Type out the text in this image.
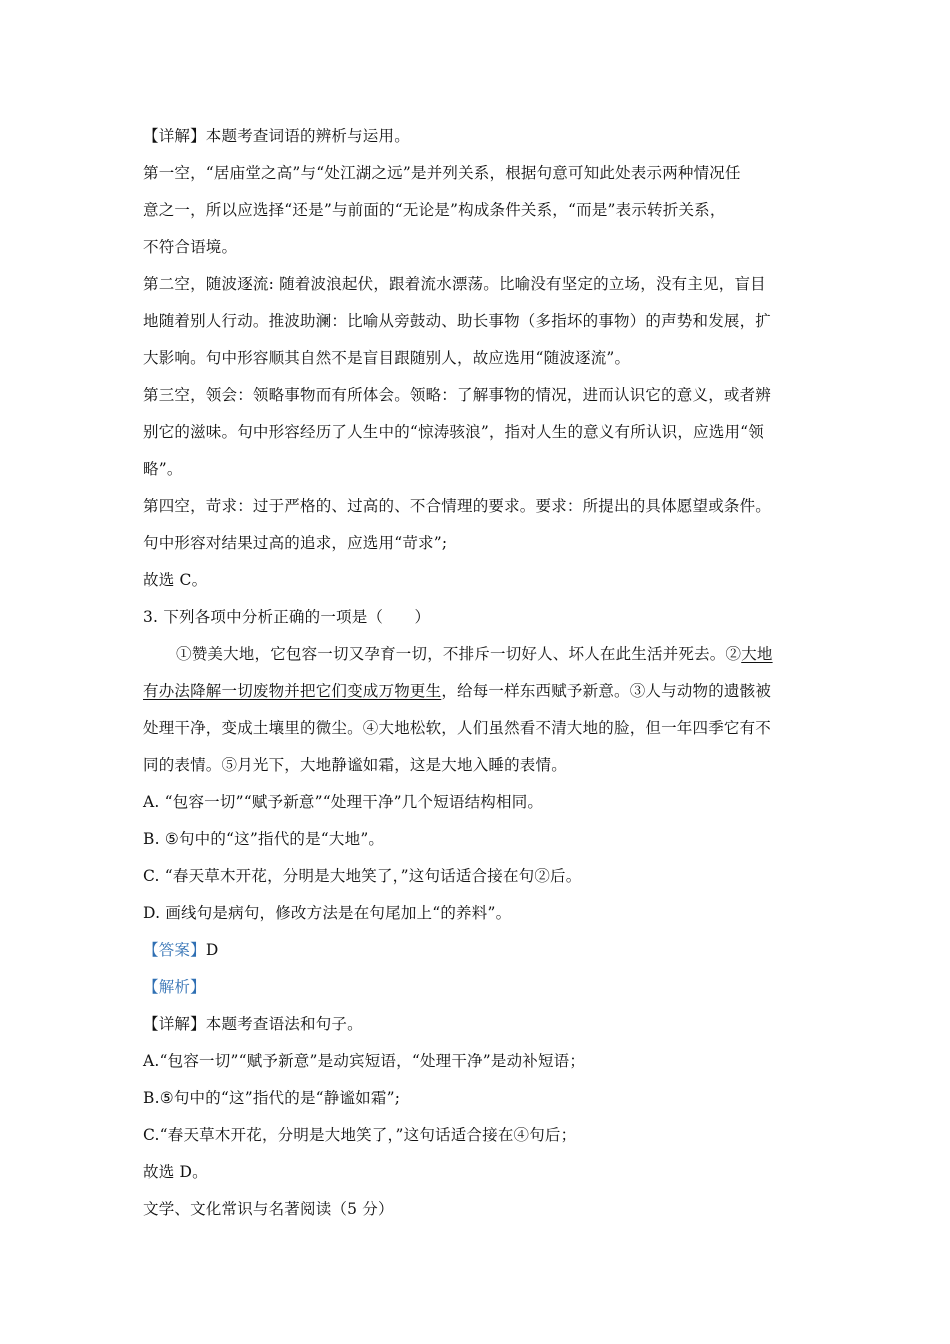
【详解】本题考查词语的辨析与运用。
第一空，“居庙堂之高”与“处江湖之远”是并列关系，根据句意可知此处表示两种情况任
意之一，所以应选择“还是”与前面的“无论是”构成条件关系，“而是”表示转折关系，
不符合语境。
第二空，随波逐流: 随着波浪起伏，跟着流水漂荡。比喻没有坚定的立场，没有主见，盲目
地随着别人行动。推波助澜：比喻从旁鼓动、助长事物（多指坏的事物）的声势和发展，扩
大影响。句中形容顺其自然不是盲目跟随别人，故应选用“随波逐流”。
第三空，领会：领略事物而有所体会。领略：了解事物的情况，进而认识它的意义，或者辨
别它的滋味。句中形容经历了人生中的“惊涛骇浪”，指对人生的意义有所认识，应选用“领
略”。
第四空，苛求：过于严格的、过高的、不合情理的要求。要求：所提出的具体愿望或条件。
句中形容对结果过高的追求，应选用“苛求”;
故选 C。
3. 下列各项中分析正确的一项是（　　）
①赞美大地，它包容一切又孕育一切，不排斥一切好人、坏人在此生活并死去。②大地
有办法降解一切废物并把它们变成万物更生，给每一样东西赋予新意。③人与动物的遗骸被
处理干净，变成土壤里的微尘。④大地松软，人们虽然看不清大地的脸，但一年四季它有不
同的表情。⑤月光下，大地静谧如霜，这是大地入睡的表情。
A. “包容一切”“赋予新意”“处理干净”几个短语结构相同。
B. ⑤句中的“这”指代的是“大地”。
C. “春天草木开花，分明是大地笑了，”这句话适合接在句②后。
D. 画线句是病句，修改方法是在句尾加上“的养料”。
【答案】D
【解析】
【详解】本题考查语法和句子。
A.“包容一切”“赋予新意”是动宾短语，“处理干净”是动补短语；
B.⑤句中的“这”指代的是“静谧如霜”;
C.“春天草木开花，分明是大地笑了，”这句话适合接在④句后；
故选 D。
文学、文化常识与名著阅读（5 分）
